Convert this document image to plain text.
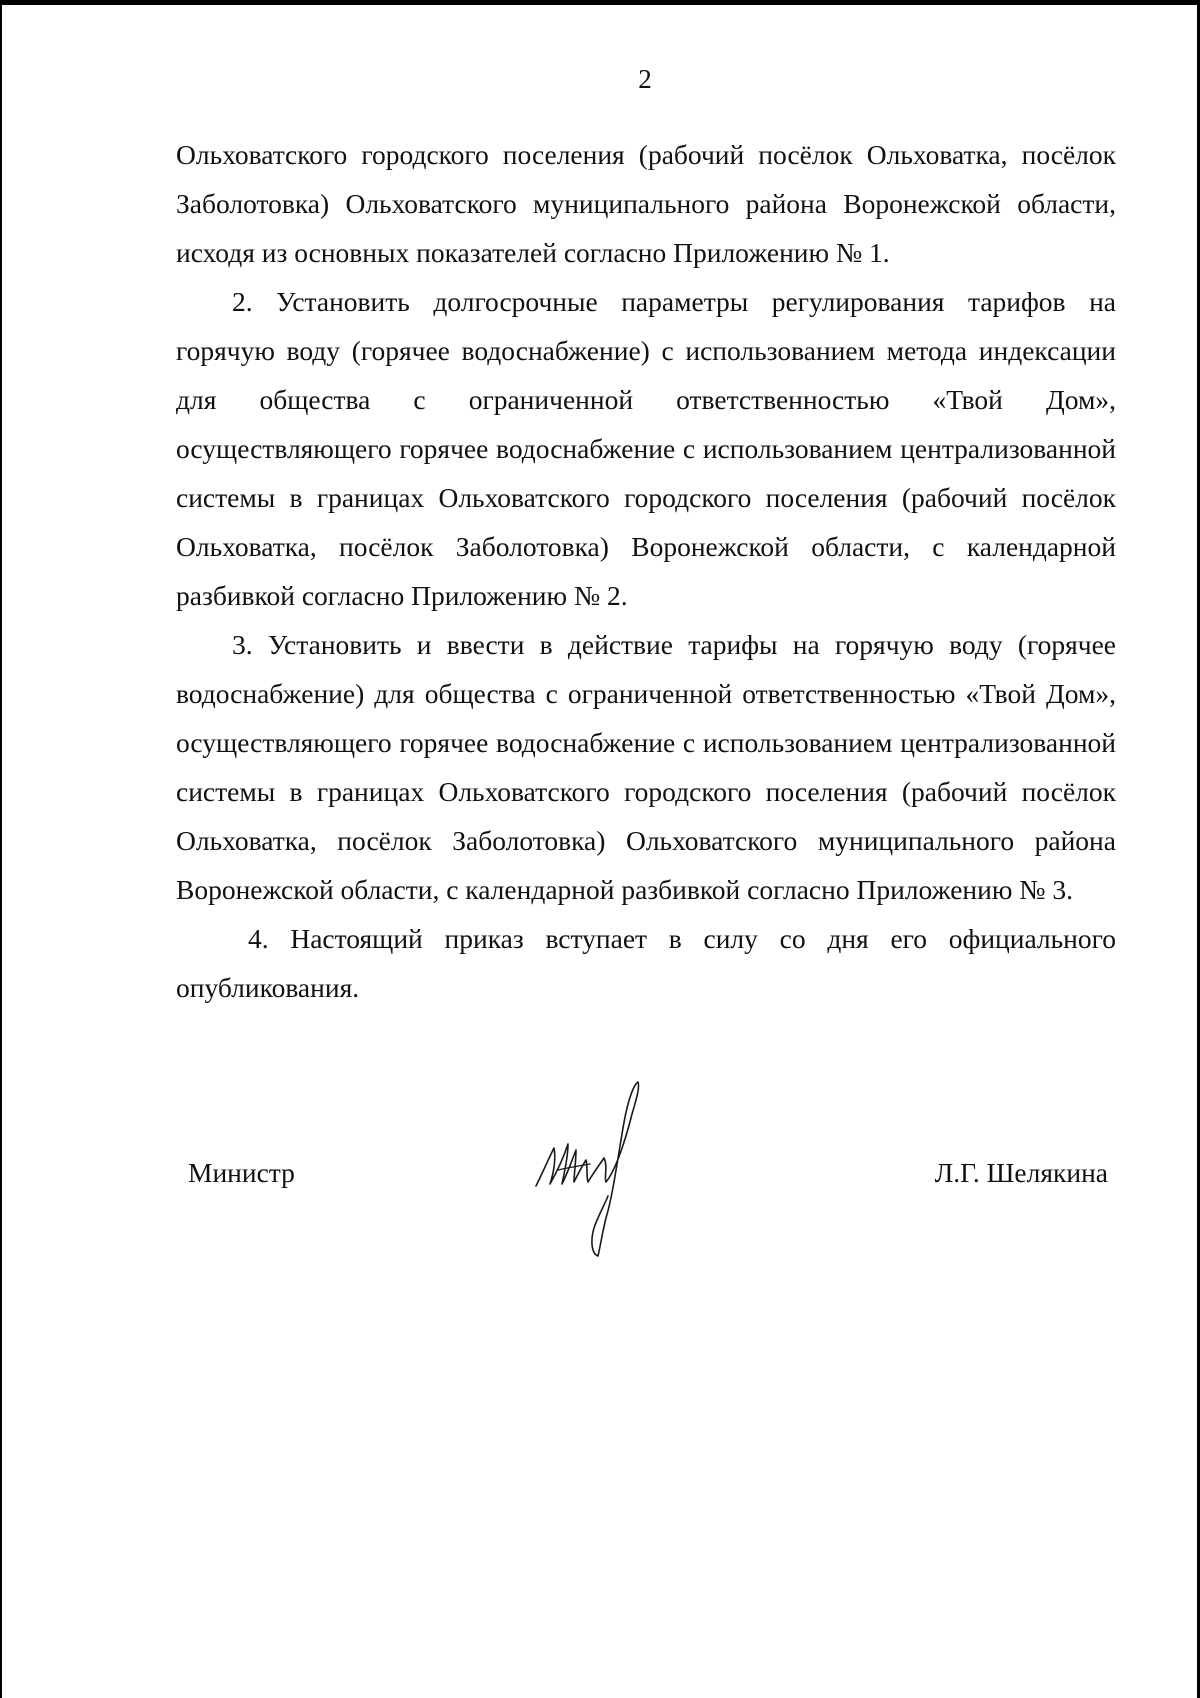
2

Ольховатского городского поселения (рабочий посёлок Ольховатка, посёлок Заболотовка) Ольховатского муниципального района Воронежской области, исходя из основных показателей согласно Приложению № 1.

2. Установить долгосрочные параметры регулирования тарифов на горячую воду (горячее водоснабжение) с использованием метода индексации для общества с ограниченной ответственностью «Твой Дом», осуществляющего горячее водоснабжение с использованием централизованной системы в границах Ольховатского городского поселения (рабочий посёлок Ольховатка, посёлок Заболотовка) Воронежской области, с календарной разбивкой согласно Приложению № 2.

3. Установить и ввести в действие тарифы на горячую воду (горячее водоснабжение) для общества с ограниченной ответственностью «Твой Дом», осуществляющего горячее водоснабжение с использованием централизованной системы в границах Ольховатского городского поселения (рабочий посёлок Ольховатка, посёлок Заболотовка) Ольховатского муниципального района Воронежской области, с календарной разбивкой согласно Приложению № 3.

4. Настоящий приказ вступает в силу со дня его официального опубликования.

Министр	Л.Г. Шелякина
